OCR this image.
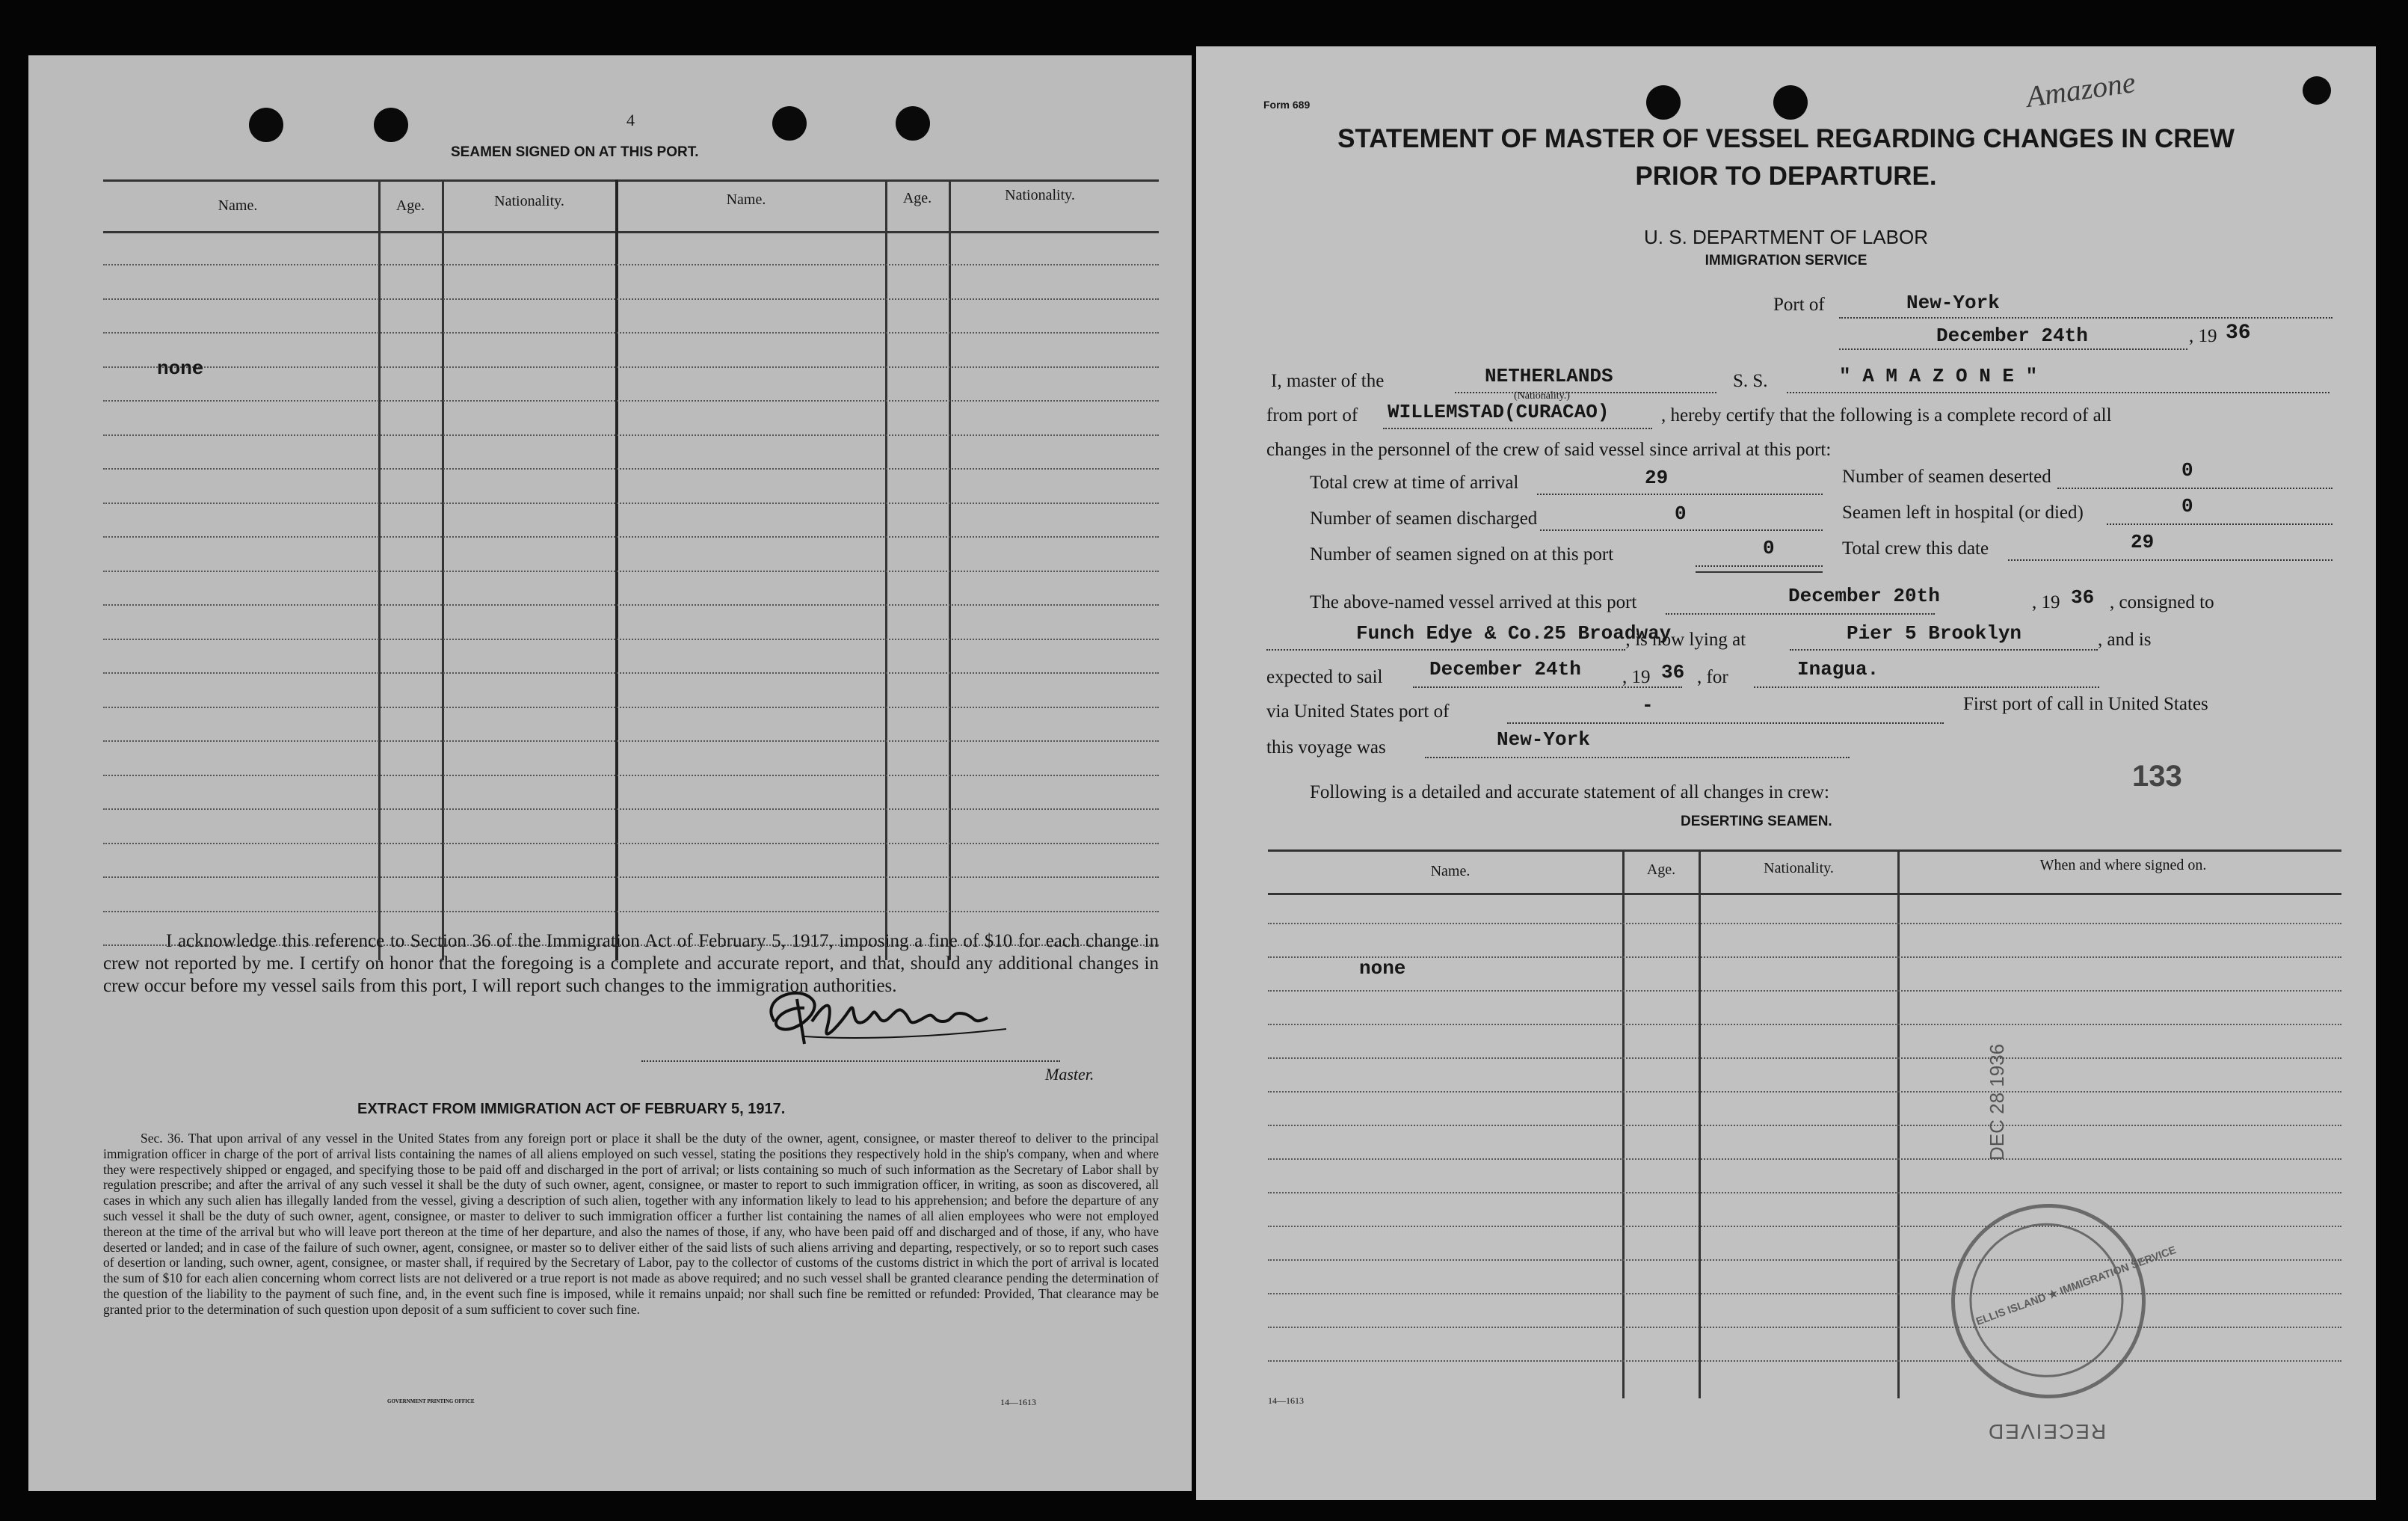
4
SEAMEN SIGNED ON AT THIS PORT.
Name.	Age.	Nationality.	Name.	Age.	Nationality.
none
I acknowledge this reference to Section 36 of the Immigration Act of February 5, 1917, imposing a fine of $10 for each change in crew not reported by me. I certify on honor that the foregoing is a complete and accurate report, and that, should any additional changes in crew occur before my vessel sails from this port, I will report such changes to the immigration authorities.
Master.
EXTRACT FROM IMMIGRATION ACT OF FEBRUARY 5, 1917.
Sec. 36. That upon arrival of any vessel in the United States from any foreign port or place it shall be the duty of the owner, agent, consignee, or master thereof to deliver to the principal immigration officer in charge of the port of arrival lists containing the names of all aliens employed on such vessel, stating the positions they respectively hold in the ship's company, when and where they were respectively shipped or engaged, and specifying those to be paid off and discharged in the port of arrival; or lists containing so much of such information as the Secretary of Labor shall by regulation prescribe; and after the arrival of any such vessel it shall be the duty of such owner, agent, consignee, or master to report to such immigration officer, in writing, as soon as discovered, all cases in which any such alien has illegally landed from the vessel, giving a description of such alien, together with any information likely to lead to his apprehension; and before the departure of any such vessel it shall be the duty of such owner, agent, consignee, or master to deliver to such immigration officer a further list containing the names of all alien employees who were not employed thereon at the time of the arrival but who will leave port thereon at the time of her departure, and also the names of those, if any, who have been paid off and discharged and of those, if any, who have deserted or landed; and in case of the failure of such owner, agent, consignee, or master so to deliver either of the said lists of such aliens arriving and departing, respectively, or so to report such cases of desertion or landing, such owner, agent, consignee, or master shall, if required by the Secretary of Labor, pay to the collector of customs of the customs district in which the port of arrival is located the sum of $10 for each alien concerning whom correct lists are not delivered or a true report is not made as above required; and no such vessel shall be granted clearance pending the determination of the question of the liability to the payment of such fine, and, in the event such fine is imposed, while it remains unpaid; nor shall such fine be remitted or refunded: Provided, That clearance may be granted prior to the determination of such question upon deposit of a sum sufficient to cover such fine.
GOVERNMENT PRINTING OFFICE	14—1613
Form 689	Amazone
STATEMENT OF MASTER OF VESSEL REGARDING CHANGES IN CREW
PRIOR TO DEPARTURE.
U. S. DEPARTMENT OF LABOR
IMMIGRATION SERVICE
Port of	New-York
December 24th	, 19 36
I, master of the	NETHERLANDS
(Nationality.)
S. S.	" A M A Z O N E "
from port of WILLEMSTAD(CURACAO)	, hereby certify that the following is a complete record of all
changes in the personnel of the crew of said vessel since arrival at this port:
Total crew at time of arrival	29	Number of seamen deserted	0
Number of seamen discharged	0	Seamen left in hospital (or died)	0
Number of seamen signed on at this port	0	Total crew this date	29
The above-named vessel arrived at this port	December 20th	, 19 36 , consigned to
Funch Edye & Co.25 Broadway
; is now lying at	Pier 5 Brooklyn	, and is
expected to sail December 24th , 19 36 , for	Inagua.
via United States port of	-	First port of call in United States
this voyage was	New-York
Following is a detailed and accurate statement of all changes in crew:	133
DESERTING SEAMEN.
Name.	Age.	Nationality.	When and where signed on.
none
ELLIS ISLAND ★ IMMIGRATION SERVICE
DEC 28 1936
RECEIVED
14—1613
